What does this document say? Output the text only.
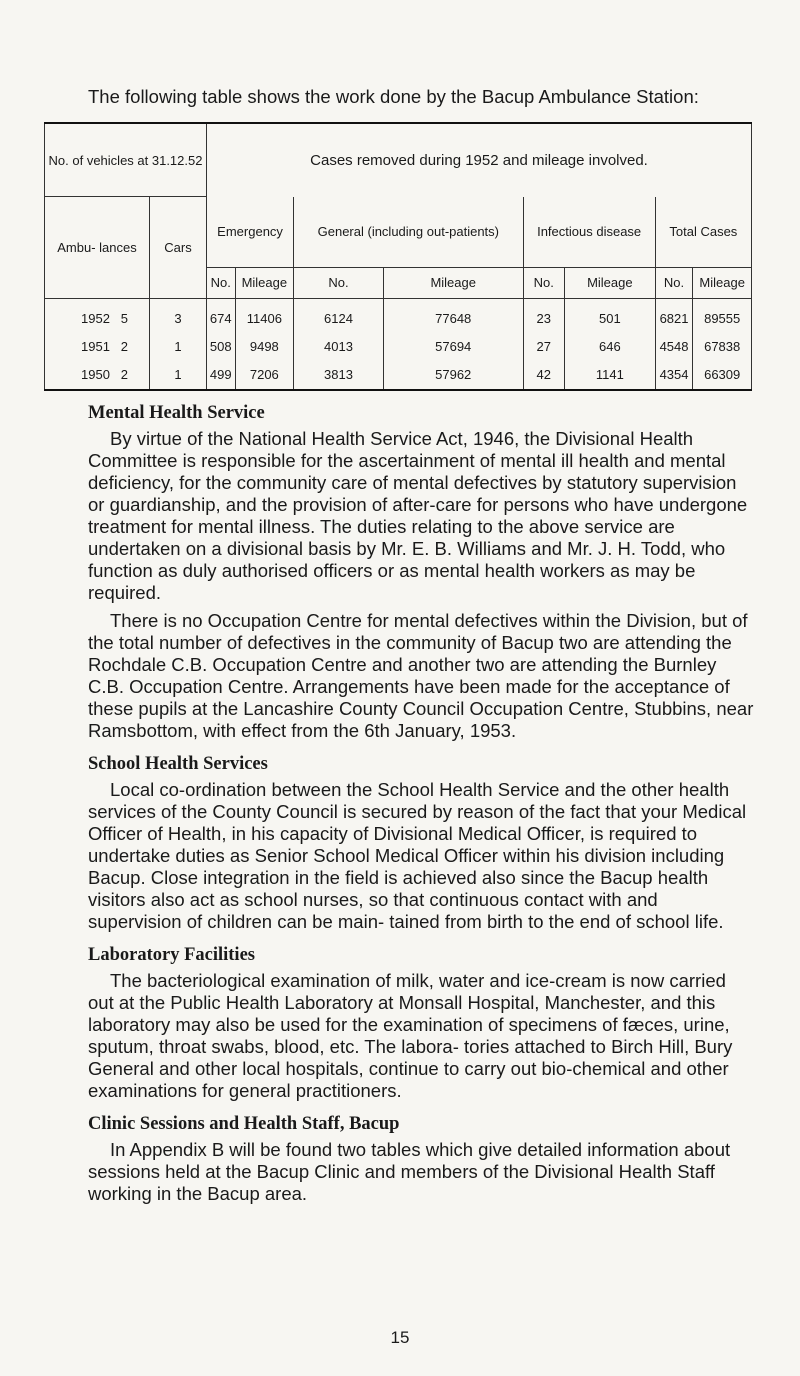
The following table shows the work done by the Bacup Ambulance Station:

No. of vehicles at 31.12.52		Cases removed during 1952 and mileage involved.							
Ambu- lances	Cars	Emergency		General (including out-patients)		Infectious disease		Total Cases	
		No.	Mileage	No.	Mileage	No.	Mileage	No.	Mileage
1952 5	3	674	11406	6124	77648	23	501	6821	89555
1951 2	1	508	9498	4013	57694	27	646	4548	67838
1950 2	1	499	7206	3813	57962	42	1141	4354	66309
Mental Health Service

By virtue of the National Health Service Act, 1946, the Divisional Health Committee is responsible for the ascertainment of mental ill health and mental deficiency, for the community care of mental defectives by statutory supervision or guardianship, and the provision of after-care for persons who have undergone treatment for mental illness. The duties relating to the above service are undertaken on a divisional basis by Mr. E. B. Williams and Mr. J. H. Todd, who function as duly authorised officers or as mental health workers as may be required.

There is no Occupation Centre for mental defectives within the Division, but of the total number of defectives in the community of Bacup two are attending the Rochdale C.B. Occupation Centre and another two are attending the Burnley C.B. Occupation Centre. Arrangements have been made for the acceptance of these pupils at the Lancashire County Council Occupation Centre, Stubbins, near Ramsbottom, with effect from the 6th January, 1953.

School Health Services

Local co-ordination between the School Health Service and the other health services of the County Council is secured by reason of the fact that your Medical Officer of Health, in his capacity of Divisional Medical Officer, is required to undertake duties as Senior School Medical Officer within his division including Bacup. Close integration in the field is achieved also since the Bacup health visitors also act as school nurses, so that continuous contact with and supervision of children can be main- tained from birth to the end of school life.

Laboratory Facilities

The bacteriological examination of milk, water and ice-cream is now carried out at the Public Health Laboratory at Monsall Hospital, Manchester, and this laboratory may also be used for the examination of specimens of fæces, urine, sputum, throat swabs, blood, etc. The labora- tories attached to Birch Hill, Bury General and other local hospitals, continue to carry out bio-chemical and other examinations for general practitioners.

Clinic Sessions and Health Staff, Bacup

In Appendix B will be found two tables which give detailed information about sessions held at the Bacup Clinic and members of the Divisional Health Staff working in the Bacup area.

15
